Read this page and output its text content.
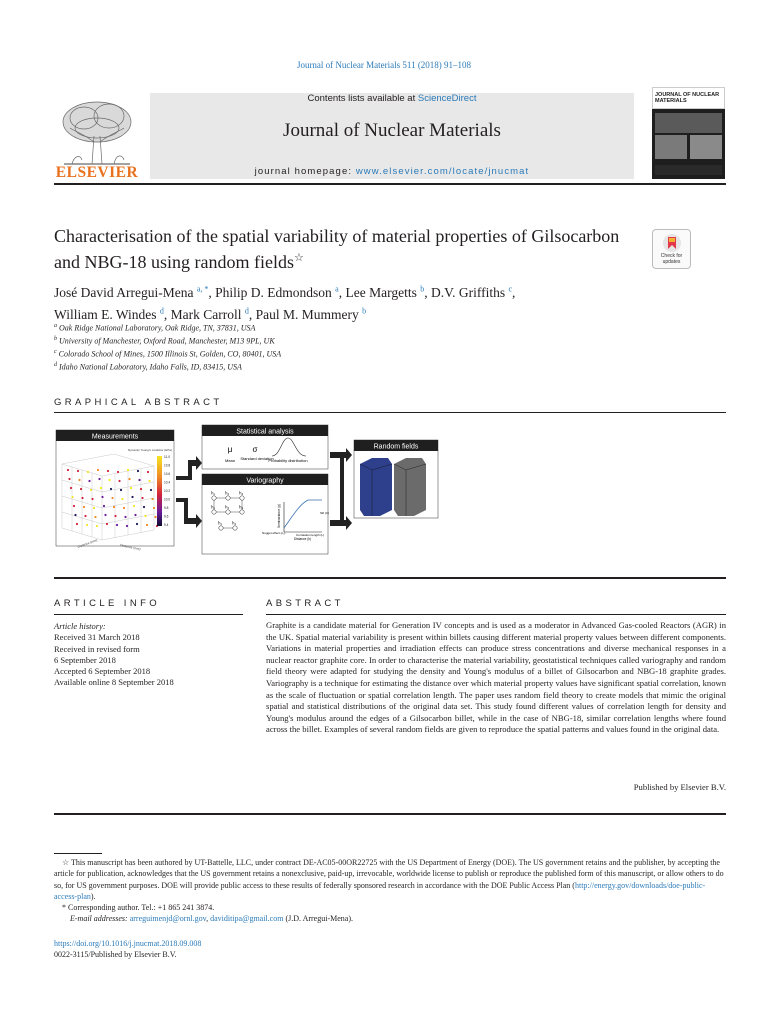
Journal of Nuclear Materials 511 (2018) 91–108
Contents lists available at ScienceDirect
Journal of Nuclear Materials
journal homepage: www.elsevier.com/locate/jnucmat
ELSEVIER
JOURNAL OF NUCLEAR MATERIALS
Characterisation of the spatial variability of material properties of Gilsocarbon and NBG-18 using random fields☆	Check for updates
José David Arregui-Mena $^{a, *}$, Philip D. Edmondson $^a$, Lee Margetts $^b$, D.V. Griffiths $^c$,
William E. Windes $^d$, Mark Carroll $^d$, Paul M. Mummery $^b$
$^a$ Oak Ridge National Laboratory, Oak Ridge, TN, 37831, USA
$^b$ University of Manchester, Oxford Road, Manchester, M13 9PL, UK
$^c$ Colorado School of Mines, 1500 Illinois St, Golden, CO, 80401, USA
$^d$ Idaho National Laboratory, Idaho Falls, ID, 83415, USA
GRAPHICAL ABSTRACT
Measurements
Dynamic Young's modulus (GPa)
11.0
10.8
10.6
10.4
10.2
10.0
9.8
9.6
9.4
Distance (mm)	Distance (mm)
Statistical analysis
μ	σ
Mean Standard deviation
Probability distribution
Variography
h₁ h₂ h₃
h₁ h₂ h₃
h₁ h₂	Semivariance (γ)
Distance (h)
Nugget effect (c₀)	Correlation length (L)
Sill (C)
Random fields
ARTICLE INFO	ABSTRACT
Article history:
Received 31 March 2018
Received in revised form
6 September 2018
Accepted 6 September 2018
Available online 8 September 2018
Graphite is a candidate material for Generation IV concepts and is used as a moderator in Advanced Gas-cooled Reactors (AGR) in the UK. Spatial material variability is present within billets causing different material property values between different components. Variations in material properties and irradiation effects can produce stress concentrations and diverse mechanical responses in a nuclear reactor graphite core. In order to characterise the material variability, geostatistical techniques called variography and random field theory were adapted for studying the density and Young's modulus of a billet of Gilsocarbon and NBG-18 graphite grades. Variography is a technique for estimating the distance over which material property values have significant spatial correlation, known as the scale of fluctuation or spatial correlation length. The paper uses random field theory to create models that mimic the original spatial and statistical distributions of the original data set. This study found different values of correlation length for density and Young's modulus around the edges of a Gilsocarbon billet, while in the case of NBG-18, similar correlation lengths where found across the billet. Examples of several random fields are given to reproduce the spatial patterns and values found in the original data.
Published by Elsevier B.V.
☆ This manuscript has been authored by UT-Battelle, LLC, under contract DE-AC05-00OR22725 with the US Department of Energy (DOE). The US government retains and the publisher, by accepting the article for publication, acknowledges that the US government retains a nonexclusive, paid-up, irrevocable, worldwide license to publish or reproduce the published form of this manuscript, or allow others to do so, for US government purposes. DOE will provide public access to these results of federally sponsored research in accordance with the DOE Public Access Plan (http://energy.gov/downloads/doe-public-access-plan).
* Corresponding author. Tel.: +1 865 241 3874.
E-mail addresses: arreguimenjd@ornl.gov, daviditipa@gmail.com (J.D. Arregui-Mena).
https://doi.org/10.1016/j.jnucmat.2018.09.008
0022-3115/Published by Elsevier B.V.
